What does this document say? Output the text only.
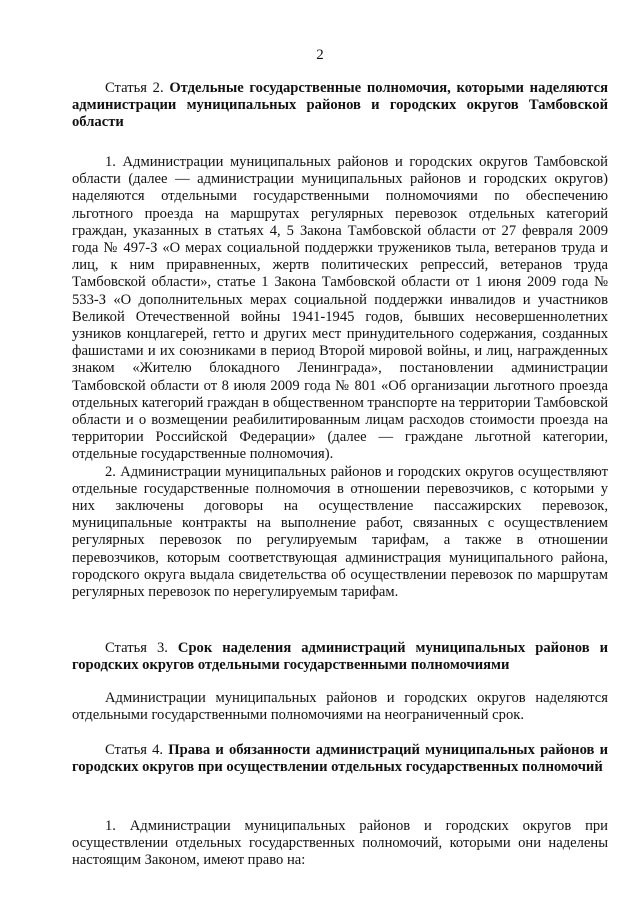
2
Статья 2. Отдельные государственные полномочия, которыми наделяются администрации муниципальных районов и городских округов Тамбовской области

1. Администрации муниципальных районов и городских округов Тамбовской области (далее — администрации муниципальных районов и городских округов) наделяются отдельными государственными полномочиями по обеспечению льготного проезда на маршрутах регулярных перевозок отдельных категорий граждан, указанных в статьях 4, 5 Закона Тамбовской области от 27 февраля 2009 года № 497-З «О мерах социальной поддержки тружеников тыла, ветеранов труда и лиц, к ним приравненных, жертв политических репрессий, ветеранов труда Тамбовской области», статье 1 Закона Тамбовской области от 1 июня 2009 года № 533-З «О дополнительных мерах социальной поддержки инвалидов и участников Великой Отечественной войны 1941-1945 годов, бывших несовершеннолетних узников концлагерей, гетто и других мест принудительного содержания, созданных фашистами и их союзниками в период Второй мировой войны, и лиц, награжденных знаком «Жителю блокадного Ленинграда», постановлении администрации Тамбовской области от 8 июля 2009 года № 801 «Об организации льготного проезда отдельных категорий граждан в общественном транспорте на территории Тамбовской области и о возмещении реабилитированным лицам расходов стоимости проезда на территории Российской Федерации» (далее — граждане льготной категории, отдельные государственные полномочия).

2. Администрации муниципальных районов и городских округов осуществляют отдельные государственные полномочия в отношении перевозчиков, с которыми у них заключены договоры на осуществление пассажирских перевозок, муниципальные контракты на выполнение работ, связанных с осуществлением регулярных перевозок по регулируемым тарифам, а также в отношении перевозчиков, которым соответствующая администрация муниципального района, городского округа выдала свидетельства об осуществлении перевозок по маршрутам регулярных перевозок по нерегулируемым тарифам.

Статья 3. Срок наделения администраций муниципальных районов и городских округов отдельными государственными полномочиями

Администрации муниципальных районов и городских округов наделяются отдельными государственными полномочиями на неограниченный срок.

Статья 4. Права и обязанности администраций муниципальных районов и городских округов при осуществлении отдельных государственных полномочий

1. Администрации муниципальных районов и городских округов при осуществлении отдельных государственных полномочий, которыми они наделены настоящим Законом, имеют право на:
